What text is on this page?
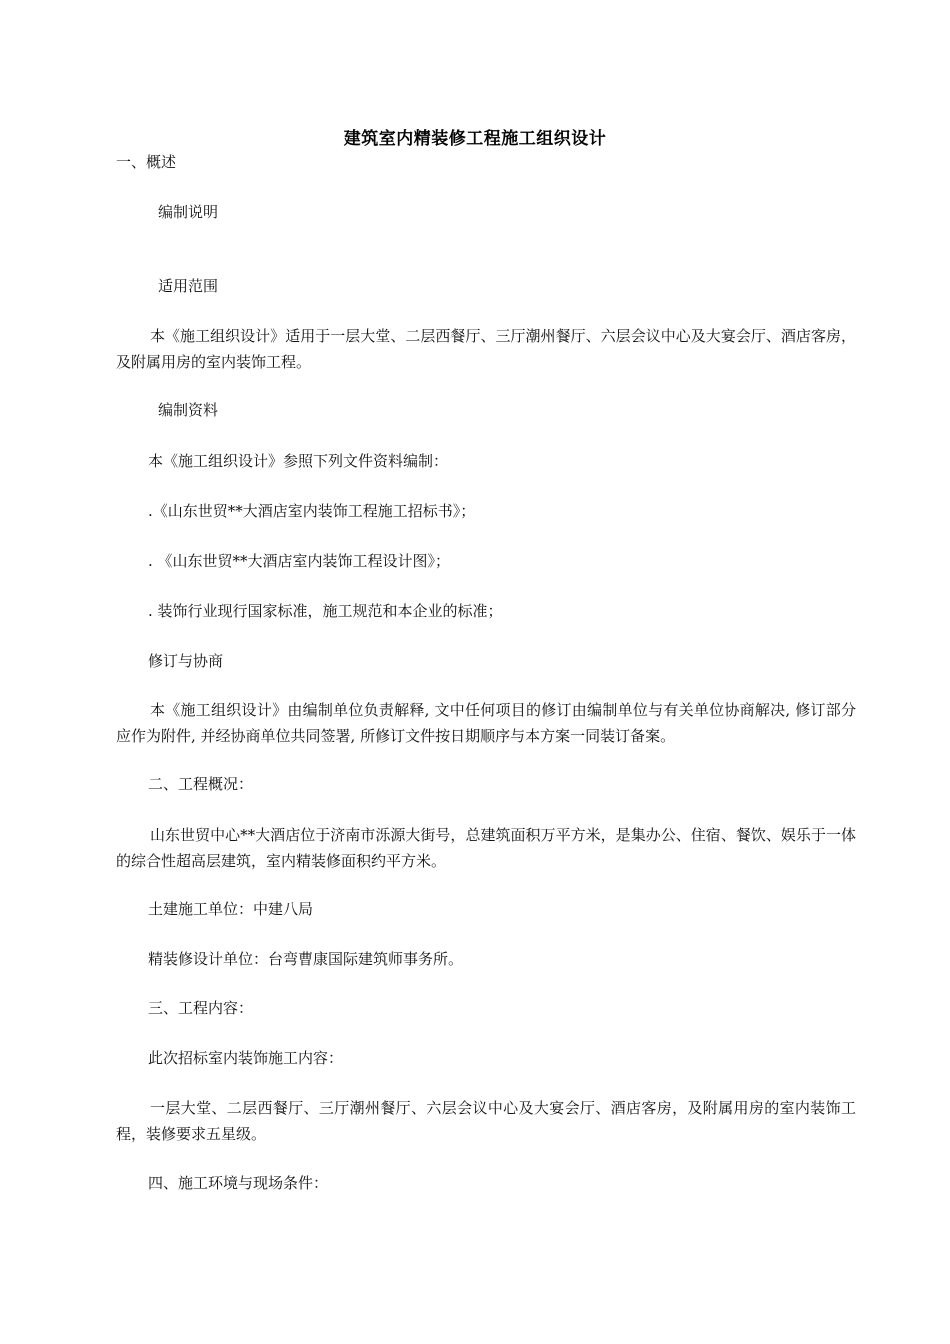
建筑室内精装修工程施工组织设计
一、概述
编制说明
适用范围
本《施工组织设计》适用于一层大堂、二层西餐厅、三厅潮州餐厅、六层会议中心及大宴会厅、酒店客房，及附属用房的室内装饰工程。
编制资料
本《施工组织设计》参照下列文件资料编制：
.《山东世贸**大酒店室内装饰工程施工招标书》；
. 《山东世贸**大酒店室内装饰工程设计图》；
. 装饰行业现行国家标准，施工规范和本企业的标准；
修订与协商
本《施工组织设计》由编制单位负责解释, 文中任何项目的修订由编制单位与有关单位协商解决, 修订部分应作为附件, 并经协商单位共同签署, 所修订文件按日期顺序与本方案一同装订备案。
二、工程概况：
山东世贸中心**大酒店位于济南市泺源大街号，总建筑面积万平方米，是集办公、住宿、餐饮、娱乐于一体的综合性超高层建筑，室内精装修面积约平方米。
土建施工单位：中建八局
精装修设计单位：台弯曹康国际建筑师事务所。
三、工程内容：
此次招标室内装饰施工内容：
一层大堂、二层西餐厅、三厅潮州餐厅、六层会议中心及大宴会厅、酒店客房，及附属用房的室内装饰工程，装修要求五星级。
四、施工环境与现场条件：
